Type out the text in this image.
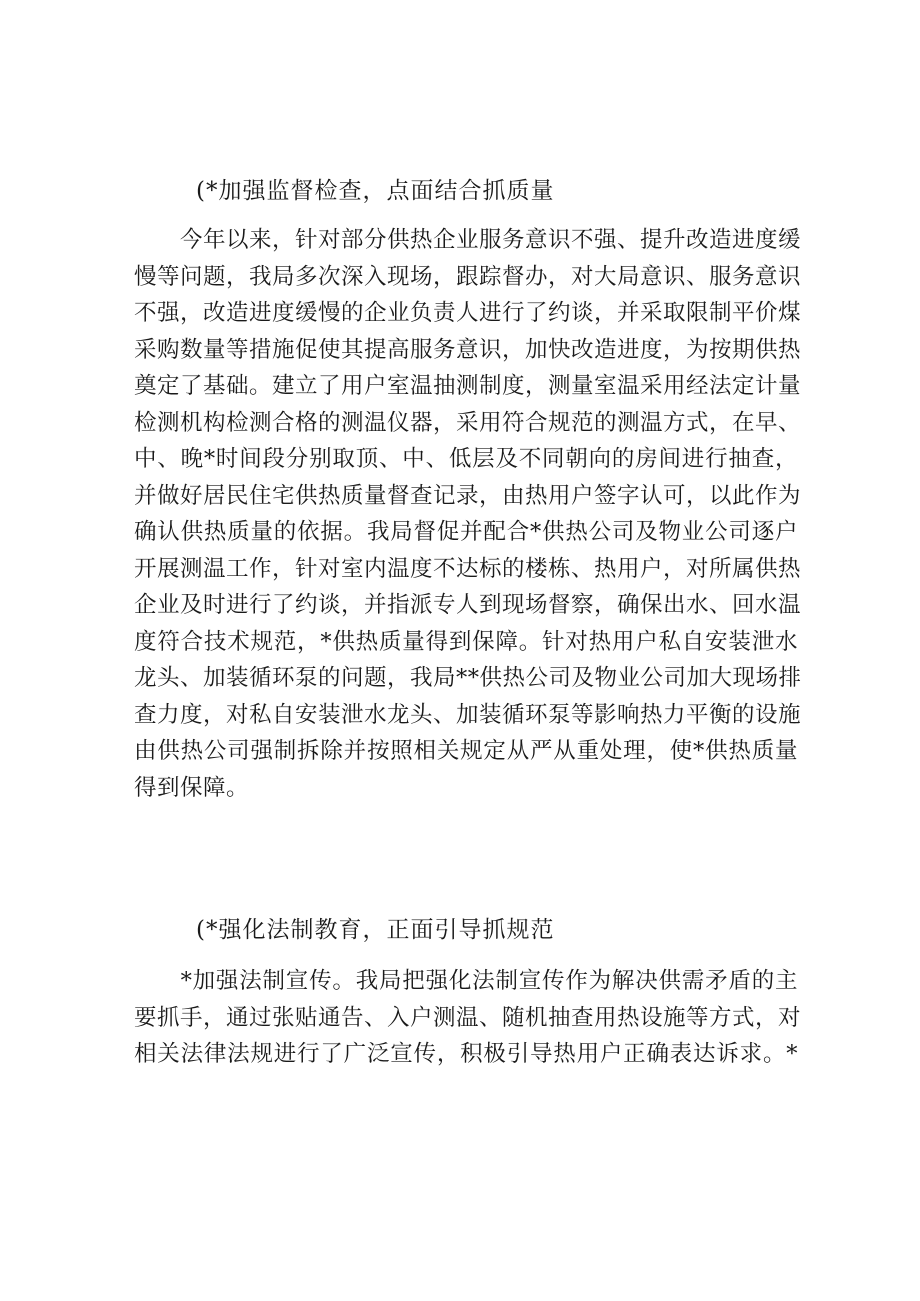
(*加强监督检查，点面结合抓质量
　　今年以来，针对部分供热企业服务意识不强、提升改造进度缓
慢等问题，我局多次深入现场，跟踪督办，对大局意识、服务意识
不强，改造进度缓慢的企业负责人进行了约谈，并采取限制平价煤
采购数量等措施促使其提高服务意识，加快改造进度，为按期供热
奠定了基础。建立了用户室温抽测制度，测量室温采用经法定计量
检测机构检测合格的测温仪器，采用符合规范的测温方式，在早、
中、晚*时间段分别取顶、中、低层及不同朝向的房间进行抽查，
并做好居民住宅供热质量督查记录，由热用户签字认可，以此作为
确认供热质量的依据。我局督促并配合*供热公司及物业公司逐户
开展测温工作，针对室内温度不达标的楼栋、热用户，对所属供热
企业及时进行了约谈，并指派专人到现场督察，确保出水、回水温
度符合技术规范，*供热质量得到保障。针对热用户私自安装泄水
龙头、加装循环泵的问题，我局**供热公司及物业公司加大现场排
查力度，对私自安装泄水龙头、加装循环泵等影响热力平衡的设施
由供热公司强制拆除并按照相关规定从严从重处理，使*供热质量
得到保障。
(*强化法制教育，正面引导抓规范
　　*加强法制宣传。我局把强化法制宣传作为解决供需矛盾的主
要抓手，通过张贴通告、入户测温、随机抽查用热设施等方式，对
相关法律法规进行了广泛宣传，积极引导热用户正确表达诉求。*
